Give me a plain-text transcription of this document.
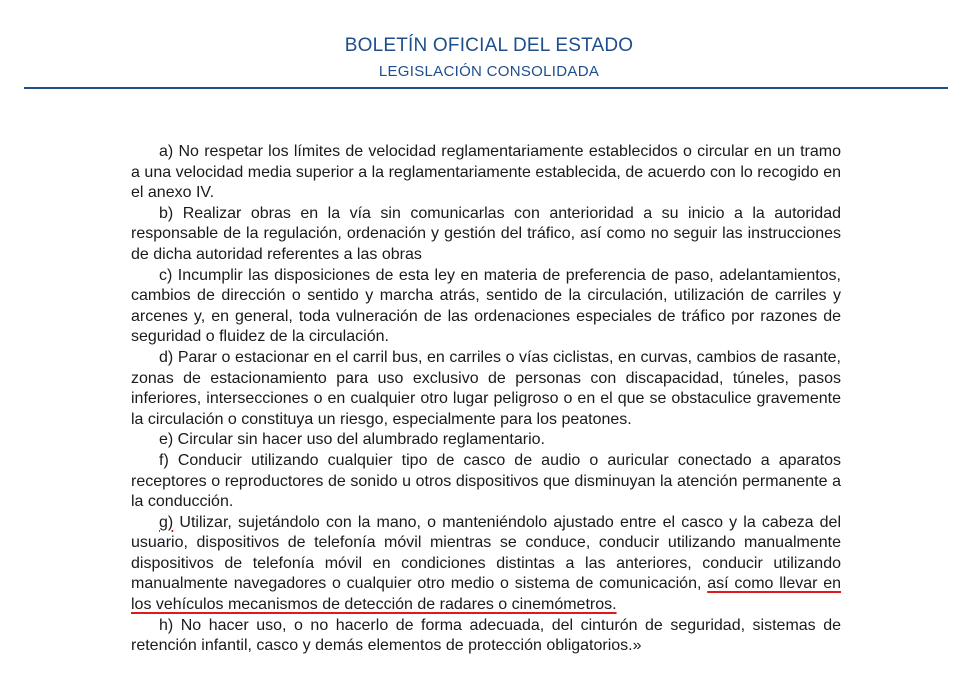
BOLETÍN OFICIAL DEL ESTADO
LEGISLACIÓN CONSOLIDADA

a) No respetar los límites de velocidad reglamentariamente establecidos o circular en un tramo a una velocidad media superior a la reglamentariamente establecida, de acuerdo con lo recogido en el anexo IV.

b) Realizar obras en la vía sin comunicarlas con anterioridad a su inicio a la autoridad responsable de la regulación, ordenación y gestión del tráfico, así como no seguir las instrucciones de dicha autoridad referentes a las obras

c) Incumplir las disposiciones de esta ley en materia de preferencia de paso, adelantamientos, cambios de dirección o sentido y marcha atrás, sentido de la circulación, utilización de carriles y arcenes y, en general, toda vulneración de las ordenaciones especiales de tráfico por razones de seguridad o fluidez de la circulación.

d) Parar o estacionar en el carril bus, en carriles o vías ciclistas, en curvas, cambios de rasante, zonas de estacionamiento para uso exclusivo de personas con discapacidad, túneles, pasos inferiores, intersecciones o en cualquier otro lugar peligroso o en el que se obstaculice gravemente la circulación o constituya un riesgo, especialmente para los peatones.

e) Circular sin hacer uso del alumbrado reglamentario.

f) Conducir utilizando cualquier tipo de casco de audio o auricular conectado a aparatos receptores o reproductores de sonido u otros dispositivos que disminuyan la atención permanente a la conducción.

g) Utilizar, sujetándolo con la mano, o manteniéndolo ajustado entre el casco y la cabeza del usuario, dispositivos de telefonía móvil mientras se conduce, conducir utilizando manualmente dispositivos de telefonía móvil en condiciones distintas a las anteriores, conducir utilizando manualmente navegadores o cualquier otro medio o sistema de comunicación, así como llevar en los vehículos mecanismos de detección de radares o cinemómetros.

h) No hacer uso, o no hacerlo de forma adecuada, del cinturón de seguridad, sistemas de retención infantil, casco y demás elementos de protección obligatorios.»
